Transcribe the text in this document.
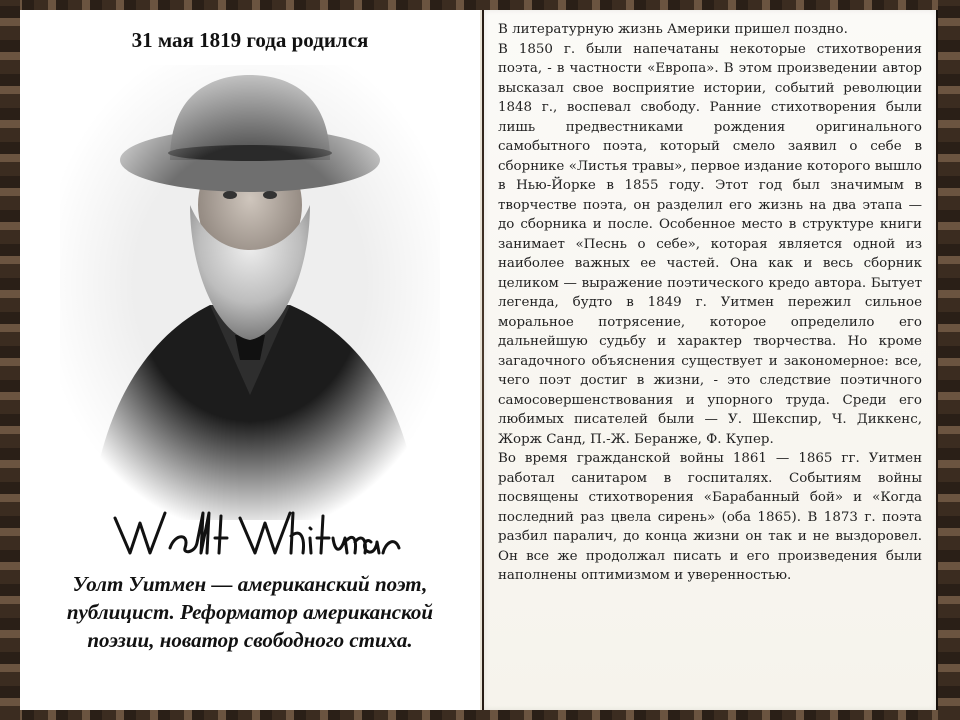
31 мая 1819 года родился
Уолт Уитмен — американский поэт, публицист. Реформатор американской поэзии, новатор свободного стиха.

В литературную жизнь Америки пришел поздно.

В 1850 г. были напечатаны некоторые стихотворения поэта, - в частности «Европа». В этом произведении автор высказал свое восприятие истории, событий революции 1848 г., воспевал свободу. Ранние стихотворения были лишь предвестниками рождения оригинального самобытного поэта, который смело заявил о себе в сборнике «Листья травы», первое издание которого вышло в Нью-Йорке в 1855 году. Этот год был значимым в творчестве поэта, он разделил его жизнь на два этапа — до сборника и после. Особенное место в структуре книги занимает «Песнь о себе», которая является одной из наиболее важных ее частей. Она как и весь сборник целиком — выражение поэтического кредо автора. Бытует легенда, будто в 1849 г. Уитмен пережил сильное моральное потрясение, которое определило его дальнейшую судьбу и характер творчества. Но кроме загадочного объяснения существует и закономерное: все, чего поэт достиг в жизни, - это следствие поэтичного самосовершенствования и упорного труда. Среди его любимых писателей были — У. Шекспир, Ч. Диккенс, Жорж Санд, П.-Ж. Беранже, Ф. Купер.

Во время гражданской войны 1861 — 1865 гг. Уитмен работал санитаром в госпиталях. Событиям войны посвящены стихотворения «Барабанный бой» и «Когда последний раз цвела сирень» (оба 1865). В 1873 г. поэта разбил паралич, до конца жизни он так и не выздоровел. Он все же продолжал писать и его произведения были наполнены оптимизмом и уверенностью.
